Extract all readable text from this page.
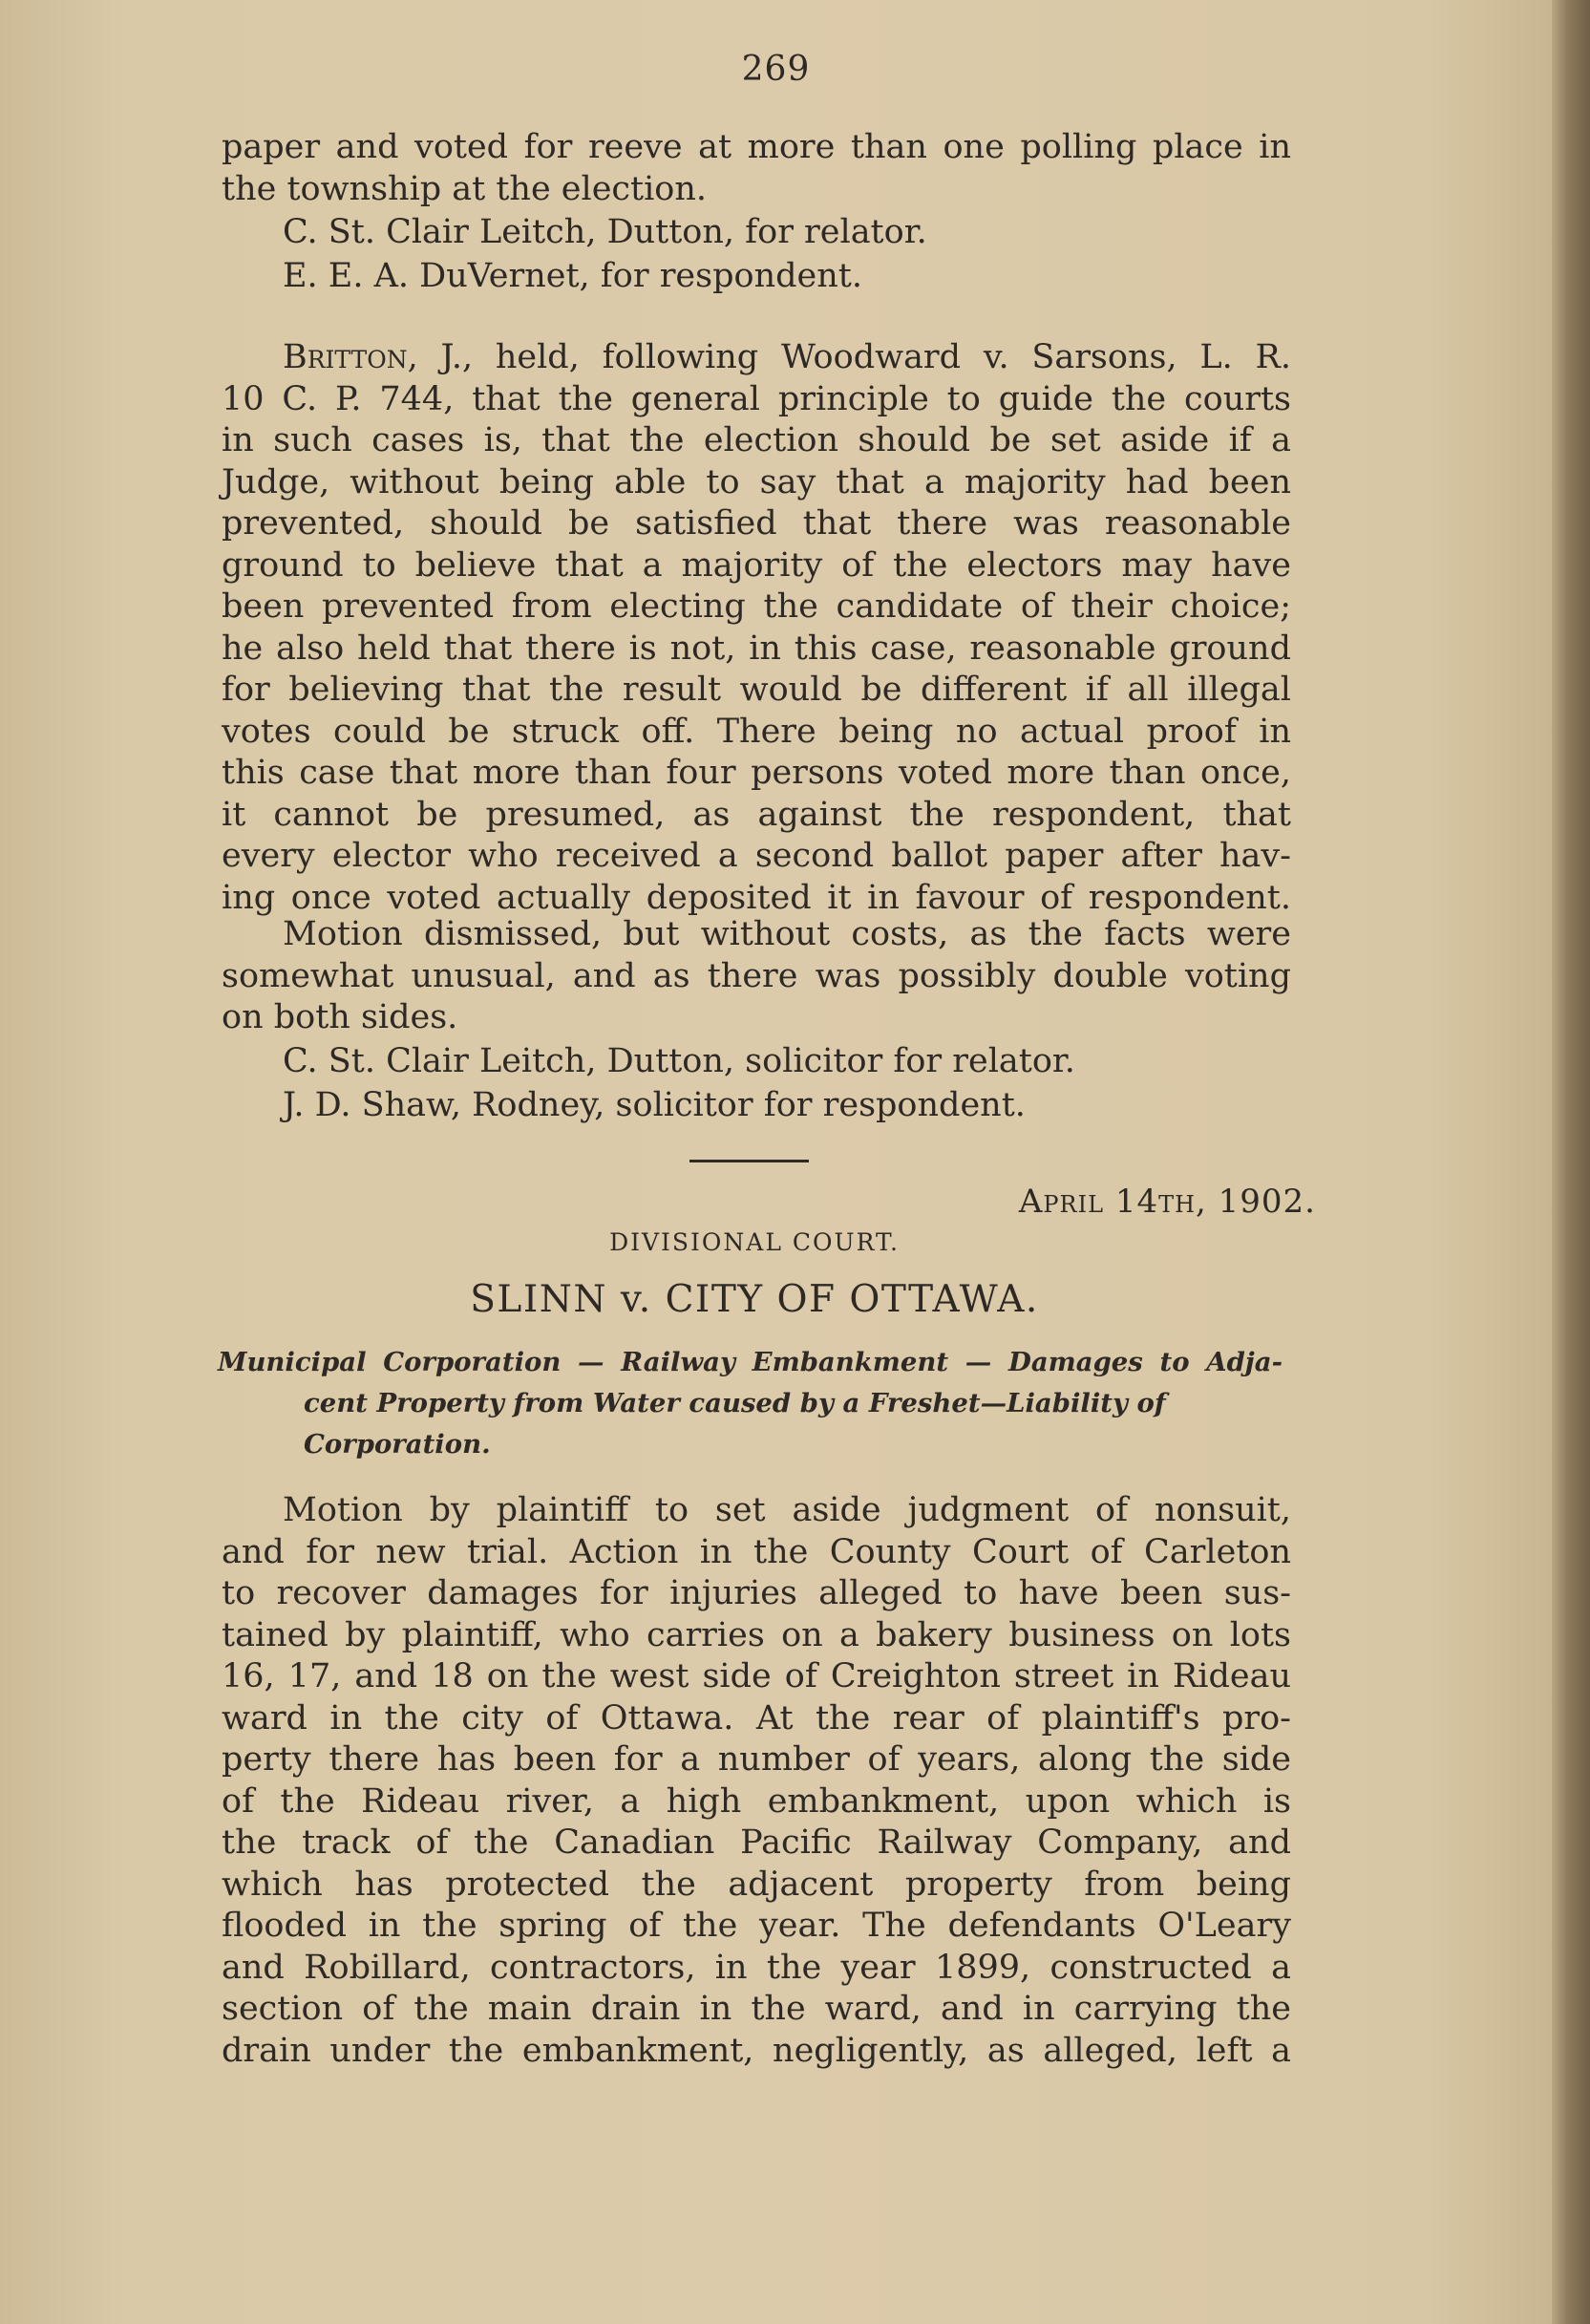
269
paper and voted for reeve at more than one polling place in
the township at the election.
C. St. Clair Leitch, Dutton, for relator.
E. E. A. DuVernet, for respondent.
Britton, J., held, following Woodward v. Sarsons, L. R.
10 C. P. 744, that the general principle to guide the courts
in such cases is, that the election should be set aside if a
Judge, without being able to say that a majority had been
prevented, should be satisfied that there was reasonable
ground to believe that a majority of the electors may have
been prevented from electing the candidate of their choice;
he also held that there is not, in this case, reasonable ground
for believing that the result would be different if all illegal
votes could be struck off. There being no actual proof in
this case that more than four persons voted more than once,
it cannot be presumed, as against the respondent, that
every elector who received a second ballot paper after hav-
ing once voted actually deposited it in favour of respondent.
Motion dismissed, but without costs, as the facts were
somewhat unusual, and as there was possibly double voting
on both sides.
C. St. Clair Leitch, Dutton, solicitor for relator.
J. D. Shaw, Rodney, solicitor for respondent.
Motion by plaintiff to set aside judgment of nonsuit,
and for new trial. Action in the County Court of Carleton
to recover damages for injuries alleged to have been sus-
tained by plaintiff, who carries on a bakery business on lots
16, 17, and 18 on the west side of Creighton street in Rideau
ward in the city of Ottawa. At the rear of plaintiff's pro-
perty there has been for a number of years, along the side
of the Rideau river, a high embankment, upon which is
the track of the Canadian Pacific Railway Company, and
which has protected the adjacent property from being
flooded in the spring of the year. The defendants O'Leary
and Robillard, contractors, in the year 1899, constructed a
section of the main drain in the ward, and in carrying the
drain under the embankment, negligently, as alleged, left a
April 14th, 1902.
DIVISIONAL COURT.
SLINN v. CITY OF OTTAWA.
Municipal Corporation — Railway Embankment — Damages to Adja-
cent Property from Water caused by a Freshet—Liability of
Corporation.
